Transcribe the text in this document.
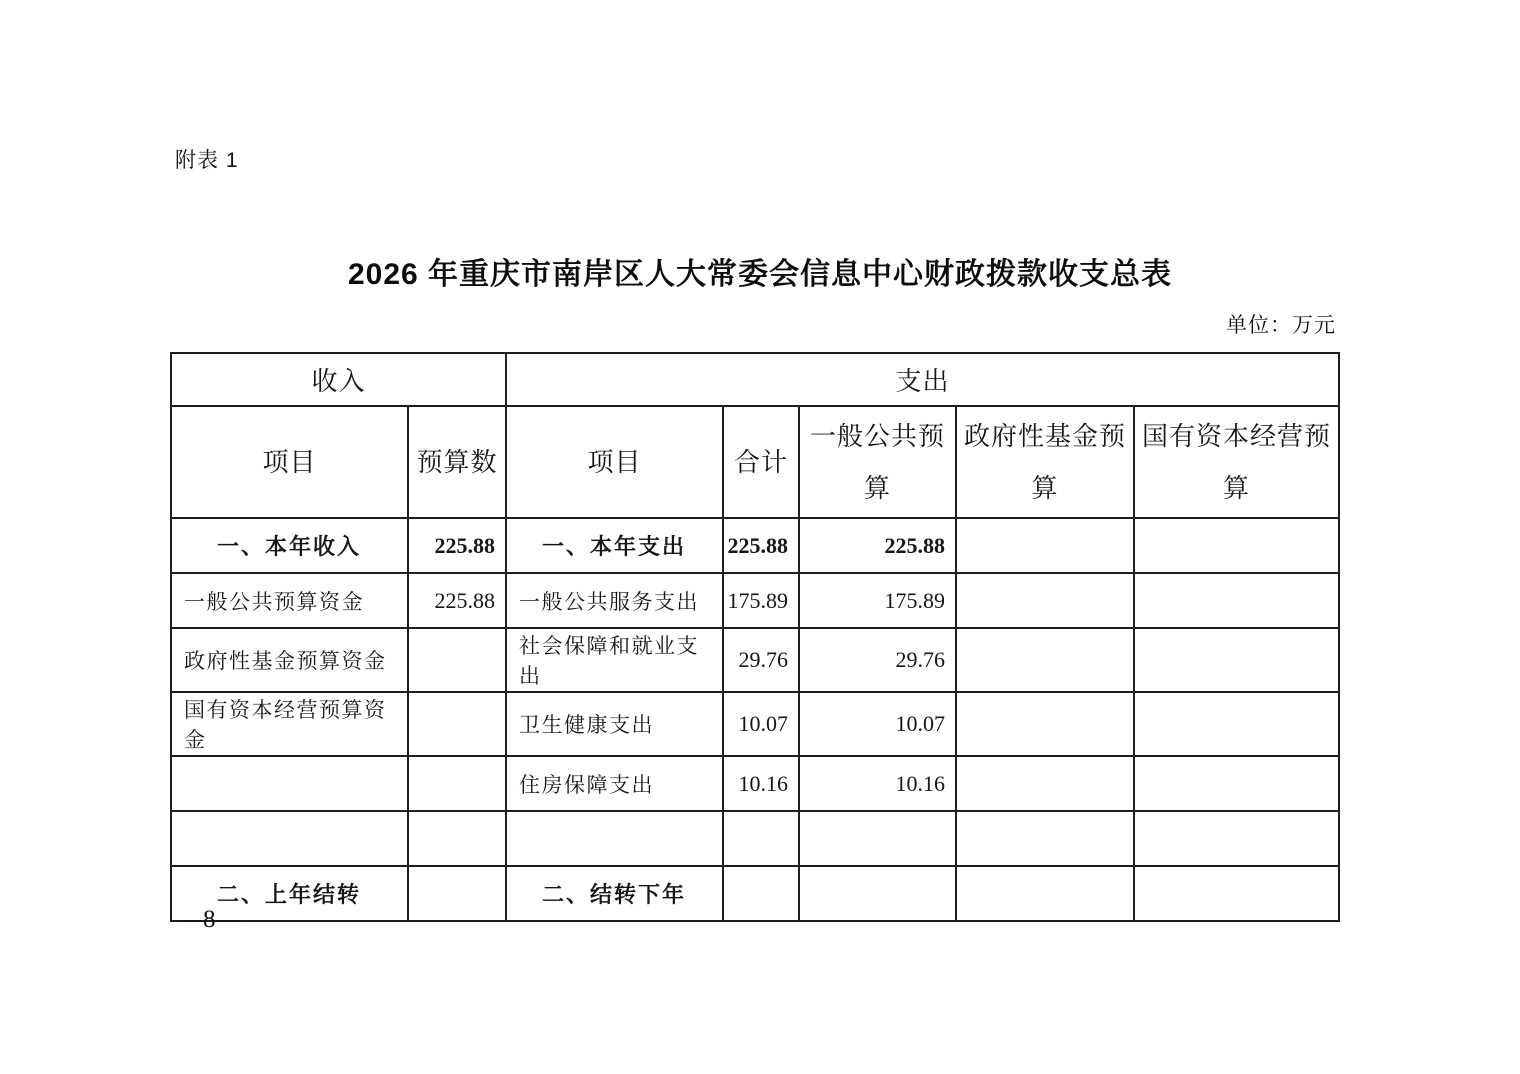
附表 1
2026 年重庆市南岸区人大常委会信息中心财政拨款收支总表
单位：万元
收入		支出				
项目	预算数	项目	合计	一般公共预算	政府性基金预算	国有资本经营预算
一、本年收入	225.88	一、本年支出	225.88	225.88		
一般公共预算资金	225.88	一般公共服务支出	175.89	175.89		
政府性基金预算资金		社会保障和就业支出	29.76	29.76		
国有资本经营预算资金		卫生健康支出	10.07	10.07		
		住房保障支出	10.16	10.16		

二、上年结转		二、结转下年				
—8—
